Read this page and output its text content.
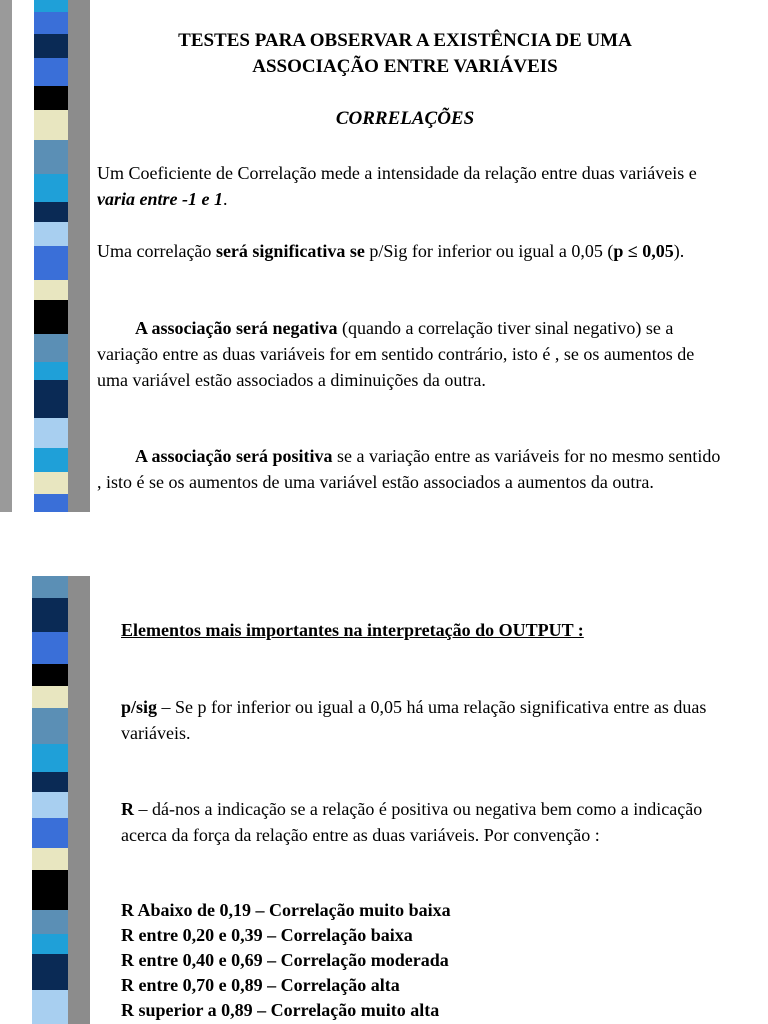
TESTES PARA OBSERVAR A EXISTÊNCIA DE UMA
ASSOCIAÇÃO ENTRE VARIÁVEIS
CORRELAÇÕES
Um Coeficiente de Correlação mede a intensidade da relação entre duas variáveis e varia entre -1 e 1.
Uma correlação será significativa se p/Sig for inferior ou igual a 0,05 (p ≤ 0,05).
A associação será negativa (quando a correlação tiver sinal negativo) se a variação entre as duas variáveis for em sentido contrário, isto é , se os aumentos de uma variável estão associados a diminuições da outra.
A associação será positiva se a variação entre as variáveis for no mesmo sentido , isto é se os aumentos de uma variável estão associados a aumentos da outra.
Elementos mais importantes na interpretação do OUTPUT :
p/sig – Se p for inferior ou igual a 0,05 há uma relação significativa entre as duas variáveis.
R – dá-nos a indicação se a relação é positiva ou negativa bem como a indicação acerca da força da relação entre as duas variáveis. Por convenção :
R Abaixo de 0,19 – Correlação muito baixa
R entre 0,20 e 0,39 – Correlação baixa
R entre 0,40 e 0,69 – Correlação moderada
R entre 0,70 e 0,89 – Correlação alta
R superior a 0,89 – Correlação muito alta
